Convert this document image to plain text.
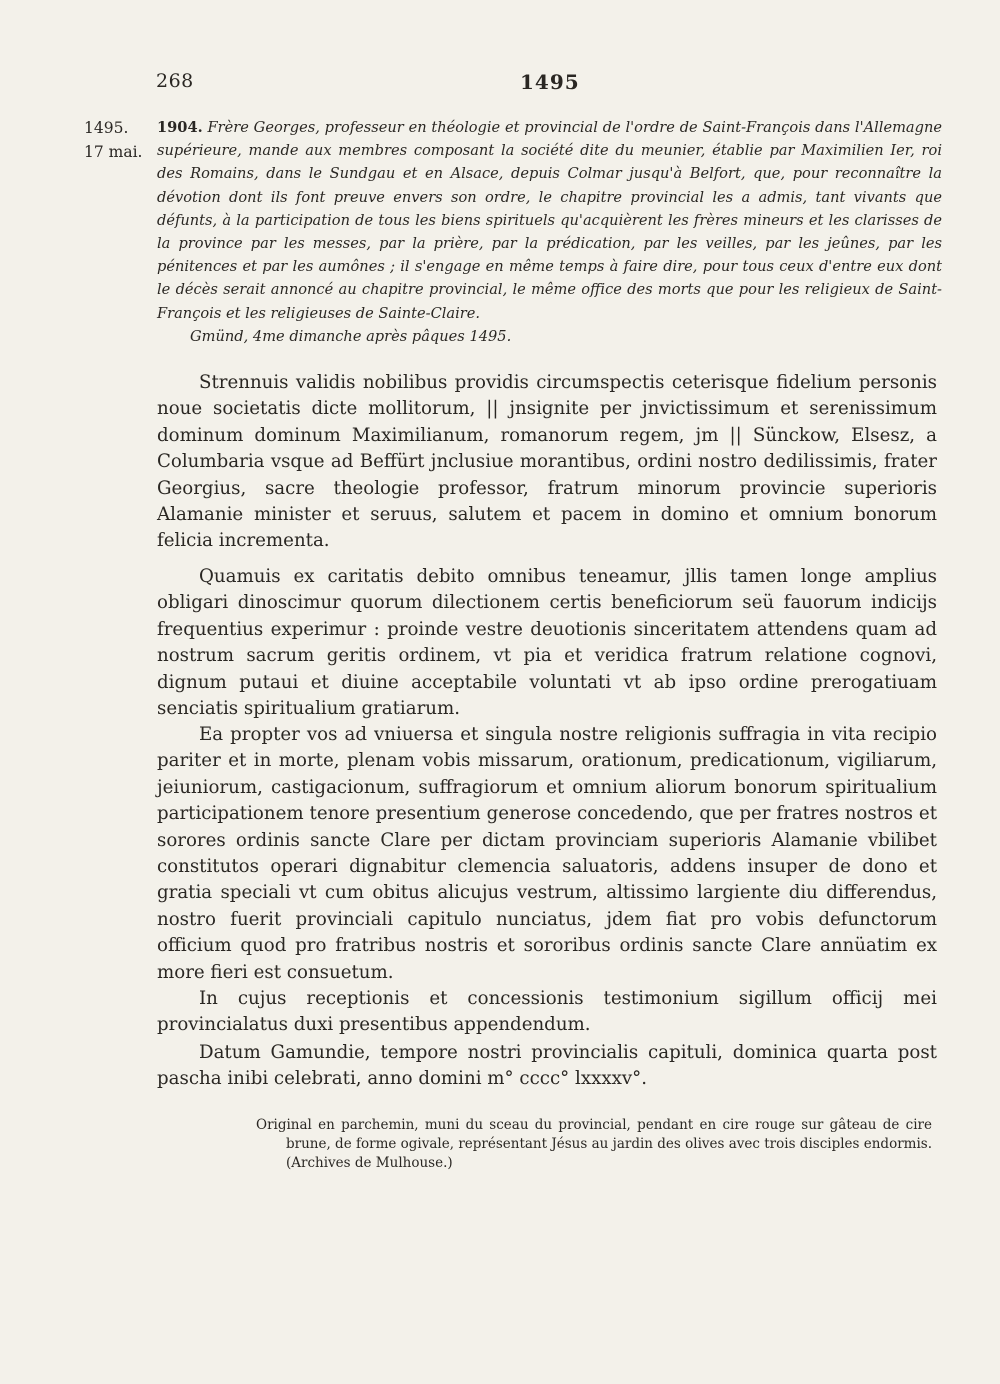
268	1495
1495.
17 mai.
1904. Frère Georges, professeur en théologie et provincial de l'ordre de Saint-François dans l'Allemagne supérieure, mande aux membres composant la société dite du meunier, établie par Maximilien Ier, roi des Romains, dans le Sundgau et en Alsace, depuis Colmar jusqu'à Belfort, que, pour reconnaître la dévotion dont ils font preuve envers son ordre, le chapitre provincial les a admis, tant vivants que défunts, à la participation de tous les biens spirituels qu'acquièrent les frères mineurs et les clarisses de la province par les messes, par la prière, par la prédication, par les veilles, par les jeûnes, par les pénitences et par les aumônes ; il s'engage en même temps à faire dire, pour tous ceux d'entre eux dont le décès serait annoncé au chapitre provincial, le même office des morts que pour les religieux de Saint-François et les religieuses de Sainte-Claire.
Gmünd, 4me dimanche après pâques 1495.

Strennuis validis nobilibus providis circumspectis ceterisque fidelium personis noue societatis dicte mollitorum, || jnsignite per jnvictissimum et serenissimum dominum dominum Maximilianum, romanorum regem, jm || Sünckow, Elsesz, a Columbaria vsque ad Beffürt jnclusiue morantibus, ordini nostro dedilissimis, frater Georgius, sacre theologie professor, fratrum minorum provincie superioris Alamanie minister et seruus, salutem et pacem in domino et omnium bonorum felicia incrementa.

Quamuis ex caritatis debito omnibus teneamur, jllis tamen longe amplius obligari dinoscimur quorum dilectionem certis beneficiorum seü fauorum indicijs frequentius experimur : proinde vestre deuotionis sinceritatem attendens quam ad nostrum sacrum geritis ordinem, vt pia et veridica fratrum relatione cognovi, dignum putaui et diuine acceptabile voluntati vt ab ipso ordine prerogatiuam senciatis spiritualium gratiarum.

Ea propter vos ad vniuersa et singula nostre religionis suffragia in vita recipio pariter et in morte, plenam vobis missarum, orationum, predicationum, vigiliarum, jeiuniorum, castigacionum, suffragiorum et omnium aliorum bonorum spiritualium participationem tenore presentium generose concedendo, que per fratres nostros et sorores ordinis sancte Clare per dictam provinciam superioris Alamanie vbilibet constitutos operari dignabitur clemencia saluatoris, addens insuper de dono et gratia speciali vt cum obitus alicujus vestrum, altissimo largiente diu differendus, nostro fuerit provinciali capitulo nunciatus, jdem fiat pro vobis defunctorum officium quod pro fratribus nostris et sororibus ordinis sancte Clare annüatim ex more fieri est consuetum.

In cujus receptionis et concessionis testimonium sigillum officij mei provincialatus duxi presentibus appendendum.

Datum Gamundie, tempore nostri provincialis capituli, dominica quarta post pascha inibi celebrati, anno domini m° cccc° lxxxxv°.

Original en parchemin, muni du sceau du provincial, pendant en cire rouge sur gâteau de cire brune, de forme ogivale, représentant Jésus au jardin des olives avec trois disciples endormis. (Archives de Mulhouse.)
